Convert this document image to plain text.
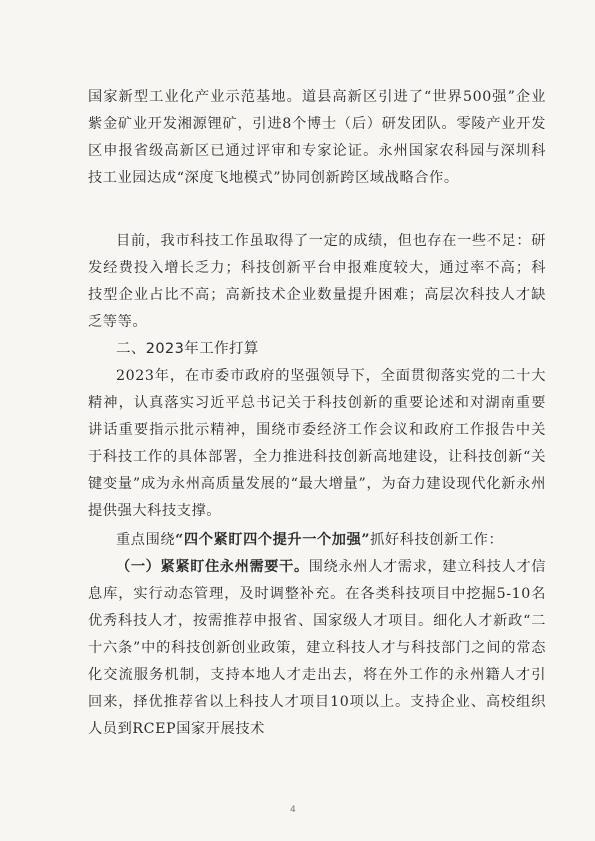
国家新型工业化产业示范基地。道县高新区引进了“世界500强”企业紫金矿业开发湘源锂矿，引进8个博士（后）研发团队。零陵产业开发区申报省级高新区已通过评审和专家论证。永州国家农科园与深圳科技工业园达成“深度飞地模式”协同创新跨区域战略合作。

目前，我市科技工作虽取得了一定的成绩，但也存在一些不足：研发经费投入增长乏力；科技创新平台申报难度较大，通过率不高；科技型企业占比不高；高新技术企业数量提升困难；高层次科技人才缺乏等等。

二、2023年工作打算

2023年，在市委市政府的坚强领导下，全面贯彻落实党的二十大精神，认真落实习近平总书记关于科技创新的重要论述和对湖南重要讲话重要指示批示精神，围绕市委经济工作会议和政府工作报告中关于科技工作的具体部署，全力推进科技创新高地建设，让科技创新“关键变量”成为永州高质量发展的“最大增量”，为奋力建设现代化新永州提供强大科技支撑。

重点围绕“四个紧盯四个提升一个加强”抓好科技创新工作：

（一）紧紧盯住永州需要干。围绕永州人才需求，建立科技人才信息库，实行动态管理，及时调整补充。在各类科技项目中挖掘5-10名优秀科技人才，按需推荐申报省、国家级人才项目。细化人才新政“二十六条”中的科技创新创业政策，建立科技人才与科技部门之间的常态化交流服务机制，支持本地人才走出去，将在外工作的永州籍人才引回来，择优推荐省以上科技人才项目10项以上。支持企业、高校组织人员到RCEP国家开展技术

4
